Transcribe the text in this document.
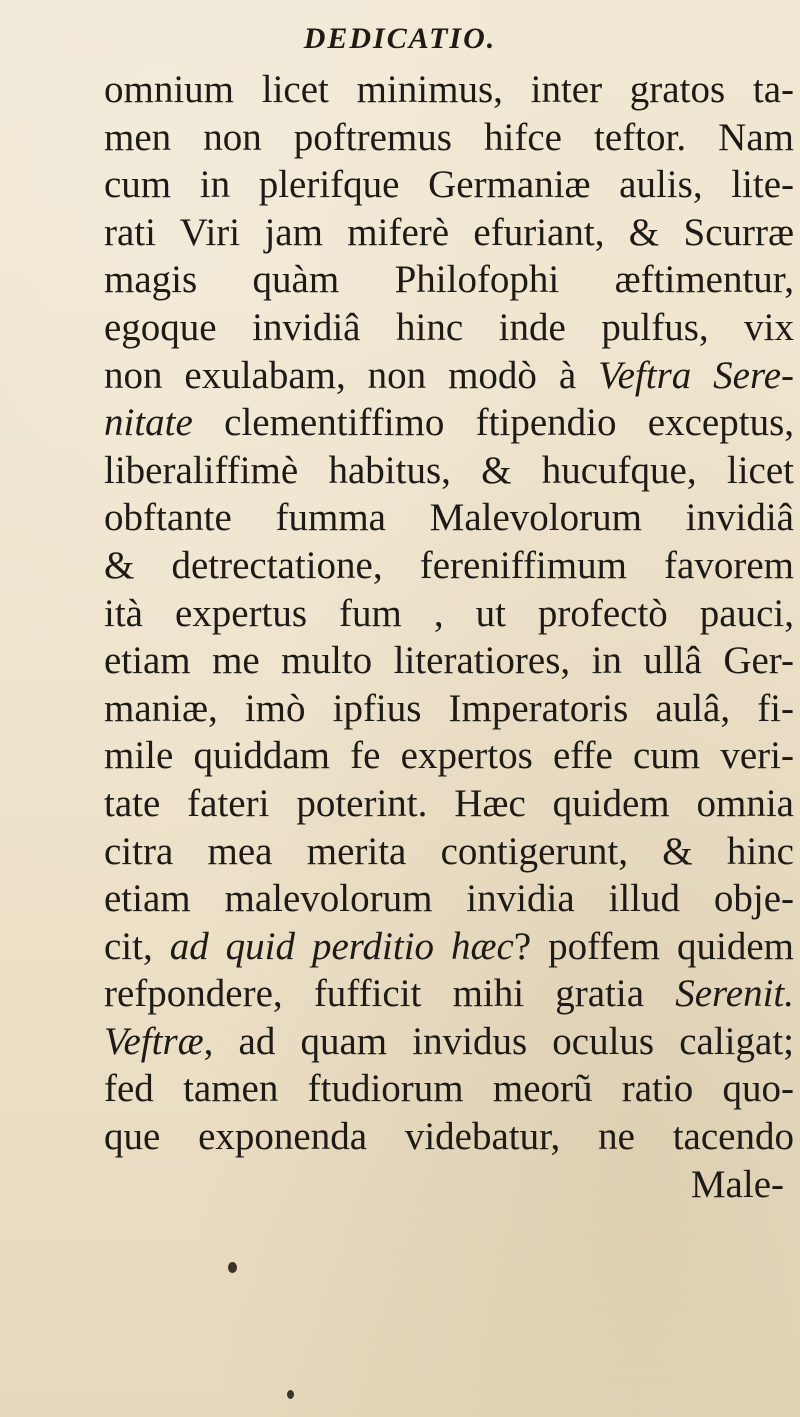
DEDICATIO.
omnium licet minimus, inter gratos ta-
men non poftremus hifce teftor. Nam
cum in plerifque Germaniæ aulis, lite-
rati Viri jam miferè efuriant, & Scurræ
magis quàm Philofophi æftimentur,
egoque invidiâ hinc inde pulfus, vix
non exulabam, non modò à Veftra Sere-
nitate clementiffimo ftipendio exceptus,
liberaliffimè habitus, & hucufque, licet
obftante fumma Malevolorum invidiâ
& detrectatione, fereniffimum favorem
ità expertus fum , ut profectò pauci,
etiam me multo literatiores, in ullâ Ger-
maniæ, imò ipfius Imperatoris aulâ, fi-
mile quiddam fe expertos effe cum veri-
tate fateri poterint. Hæc quidem omnia
citra mea merita contigerunt, & hinc
etiam malevolorum invidia illud obje-
cit, ad quid perditio hæc? poffem quidem
refpondere, fufficit mihi gratia Serenit.
Veftræ, ad quam invidus oculus caligat;
fed tamen ftudiorum meorũ ratio quo-
que exponenda videbatur, ne tacendo
Male-
